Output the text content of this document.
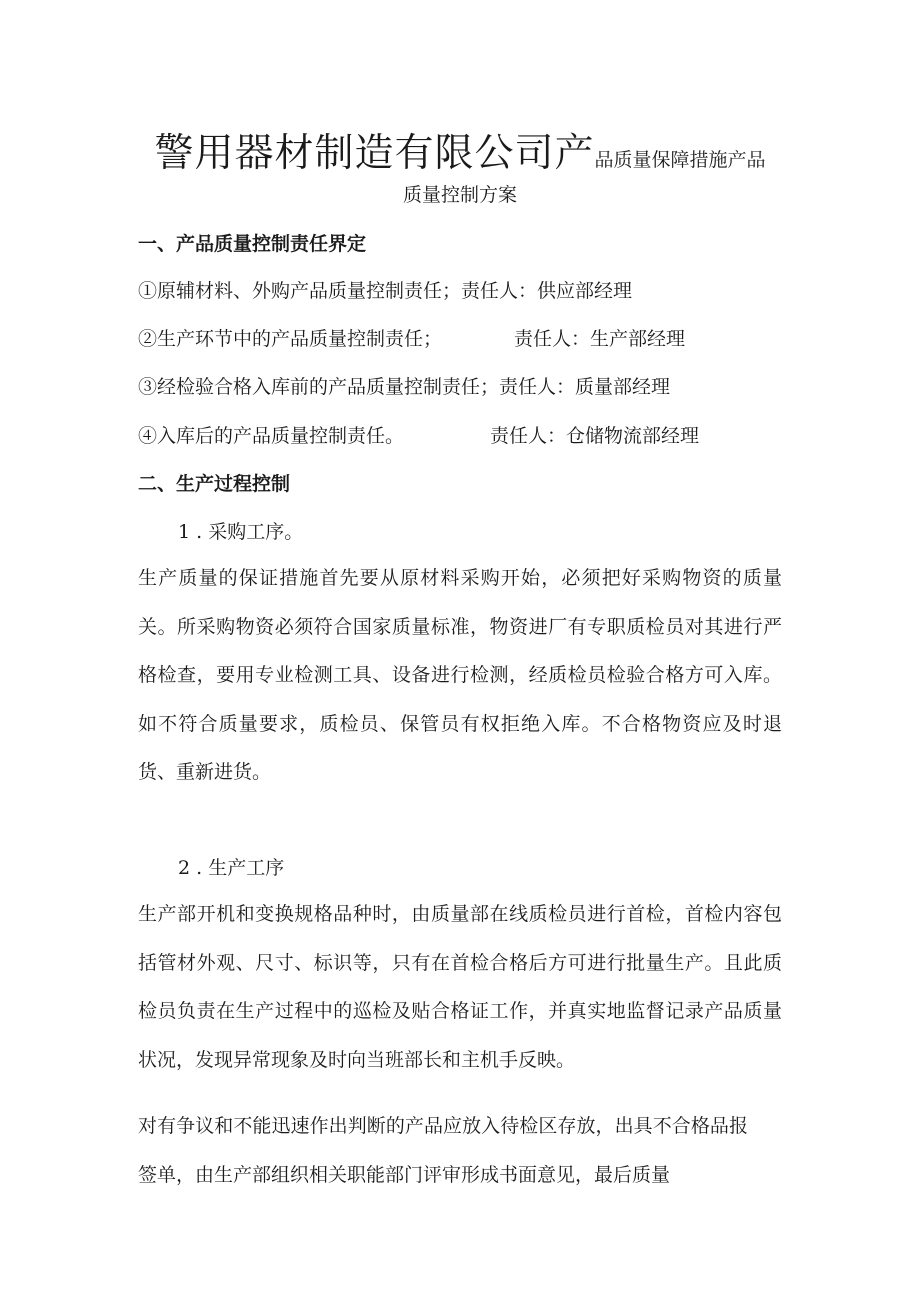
警用器材制造有限公司产品质量保障措施产品
质量控制方案
一、产品质量控制责任界定
①原辅材料、外购产品质量控制责任；责任人：供应部经理
②生产环节中的产品质量控制责任；	责任人：生产部经理
③经检验合格入库前的产品质量控制责任；责任人：质量部经理
④入库后的产品质量控制责任。	责任人：仓储物流部经理
二、生产过程控制
1 . 采购工序。
生产质量的保证措施首先要从原材料采购开始，必须把好采购物资的质量关。所采购物资必须符合国家质量标准，物资进厂有专职质检员对其进行严格检查，要用专业检测工具、设备进行检测，经质检员检验合格方可入库。如不符合质量要求，质检员、保管员有权拒绝入库。不合格物资应及时退货、重新进货。
2 . 生产工序
生产部开机和变换规格品种时，由质量部在线质检员进行首检，首检内容包括管材外观、尺寸、标识等，只有在首检合格后方可进行批量生产。且此质检员负责在生产过程中的巡检及贴合格证工作，并真实地监督记录产品质量状况，发现异常现象及时向当班部长和主机手反映。
对有争议和不能迅速作出判断的产品应放入待检区存放，出具不合格品报签单，由生产部组织相关职能部门评审形成书面意见，最后质量
